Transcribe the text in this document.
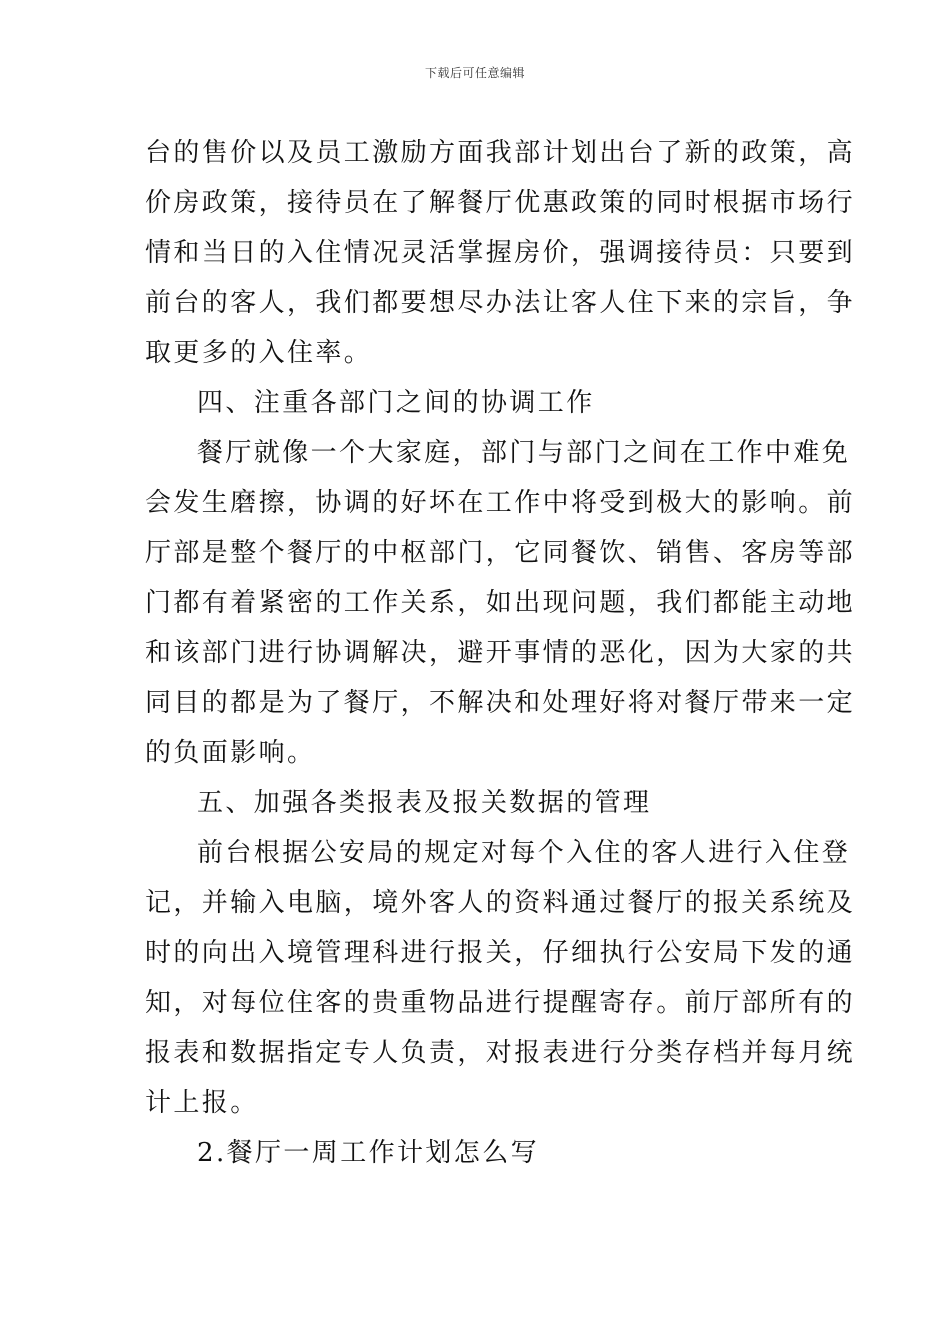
下载后可任意编辑
台的售价以及员工激励方面我部计划出台了新的政策，高
价房政策，接待员在了解餐厅优惠政策的同时根据市场行
情和当日的入住情况灵活掌握房价，强调接待员：只要到
前台的客人，我们都要想尽办法让客人住下来的宗旨，争
取更多的入住率。
四、注重各部门之间的协调工作
餐厅就像一个大家庭，部门与部门之间在工作中难免
会发生磨擦，协调的好坏在工作中将受到极大的影响。前
厅部是整个餐厅的中枢部门，它同餐饮、销售、客房等部
门都有着紧密的工作关系，如出现问题，我们都能主动地
和该部门进行协调解决，避开事情的恶化，因为大家的共
同目的都是为了餐厅，不解决和处理好将对餐厅带来一定
的负面影响。
五、加强各类报表及报关数据的管理
前台根据公安局的规定对每个入住的客人进行入住登
记，并输入电脑，境外客人的资料通过餐厅的报关系统及
时的向出入境管理科进行报关，仔细执行公安局下发的通
知，对每位住客的贵重物品进行提醒寄存。前厅部所有的
报表和数据指定专人负责，对报表进行分类存档并每月统
计上报。
2.餐厅一周工作计划怎么写
